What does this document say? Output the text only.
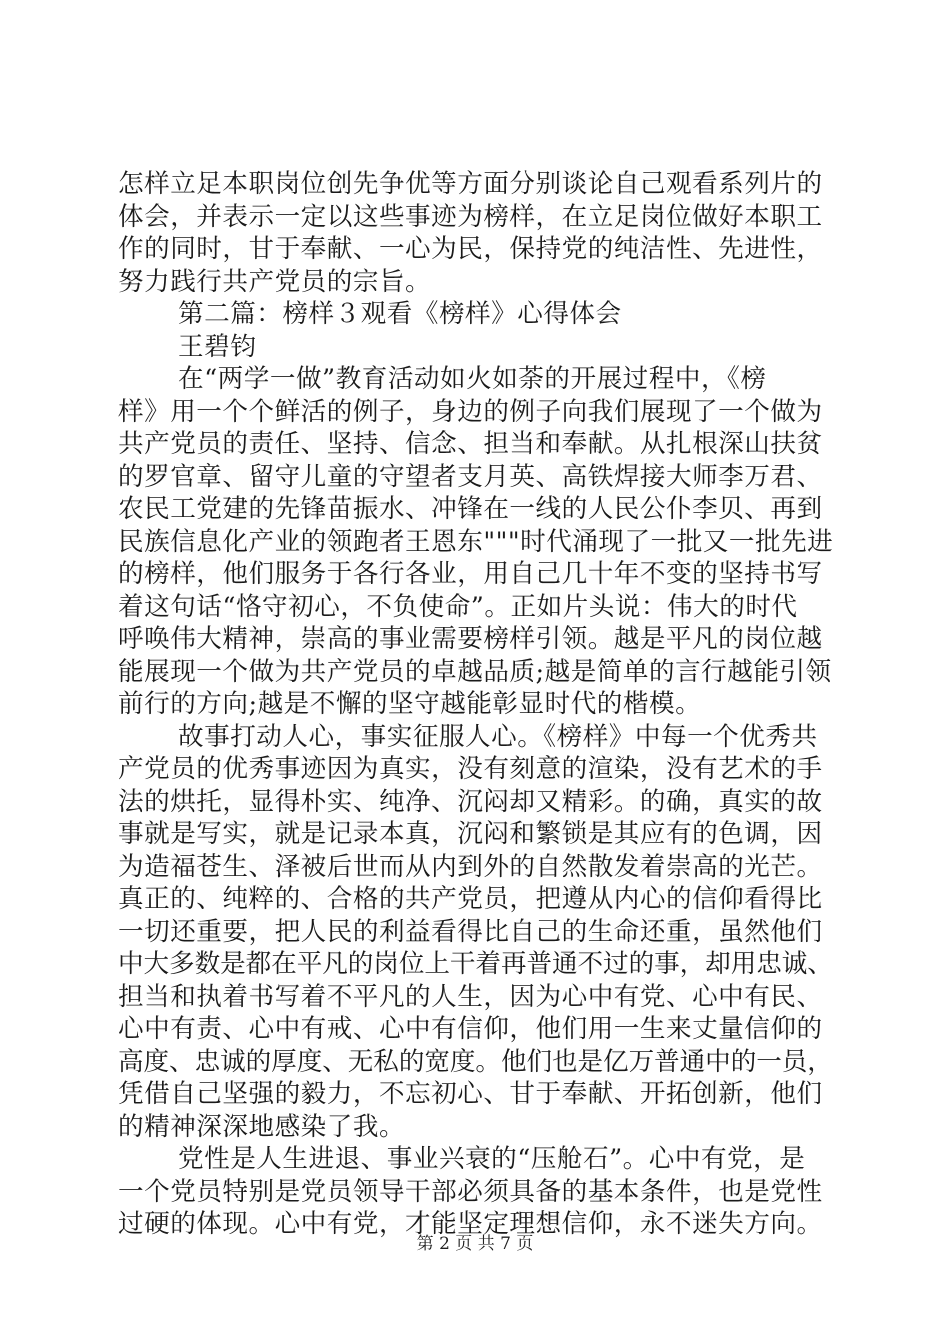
怎样立足本职岗位创先争优等方面分别谈论自己观看系列片的
体会，并表示一定以这些事迹为榜样，在立足岗位做好本职工
作的同时，甘于奉献、一心为民，保持党的纯洁性、先进性，
努力践行共产党员的宗旨。
第二篇：榜样３观看《榜样》心得体会
王碧钧
在“两学一做”教育活动如火如荼的开展过程中，《榜
样》用一个个鲜活的例子，身边的例子向我们展现了一个做为
共产党员的责任、坚持、信念、担当和奉献。从扎根深山扶贫
的罗官章、留守儿童的守望者支月英、高铁焊接大师李万君、
农民工党建的先锋苗振水、冲锋在一线的人民公仆李贝、再到
民族信息化产业的领跑者王恩东"""时代涌现了一批又一批先进
的榜样，他们服务于各行各业，用自己几十年不变的坚持书写
着这句话“恪守初心，不负使命”。正如片头说：伟大的时代
呼唤伟大精神，崇高的事业需要榜样引领。越是平凡的岗位越
能展现一个做为共产党员的卓越品质;越是简单的言行越能引领
前行的方向;越是不懈的坚守越能彰显时代的楷模。
故事打动人心，事实征服人心。《榜样》中每一个优秀共
产党员的优秀事迹因为真实，没有刻意的渲染，没有艺术的手
法的烘托，显得朴实、纯净、沉闷却又精彩。的确，真实的故
事就是写实，就是记录本真，沉闷和繁锁是其应有的色调，因
为造福苍生、泽被后世而从内到外的自然散发着崇高的光芒。
真正的、纯粹的、合格的共产党员，把遵从内心的信仰看得比
一切还重要，把人民的利益看得比自己的生命还重，虽然他们
中大多数是都在平凡的岗位上干着再普通不过的事，却用忠诚、
担当和执着书写着不平凡的人生，因为心中有党、心中有民、
心中有责、心中有戒、心中有信仰，他们用一生来丈量信仰的
高度、忠诚的厚度、无私的宽度。他们也是亿万普通中的一员，
凭借自己坚强的毅力，不忘初心、甘于奉献、开拓创新，他们
的精神深深地感染了我。
党性是人生进退、事业兴衰的“压舱石”。心中有党，是
一个党员特别是党员领导干部必须具备的基本条件，也是党性
过硬的体现。心中有党，才能坚定理想信仰，永不迷失方向。
第 2 页 共 7 页
